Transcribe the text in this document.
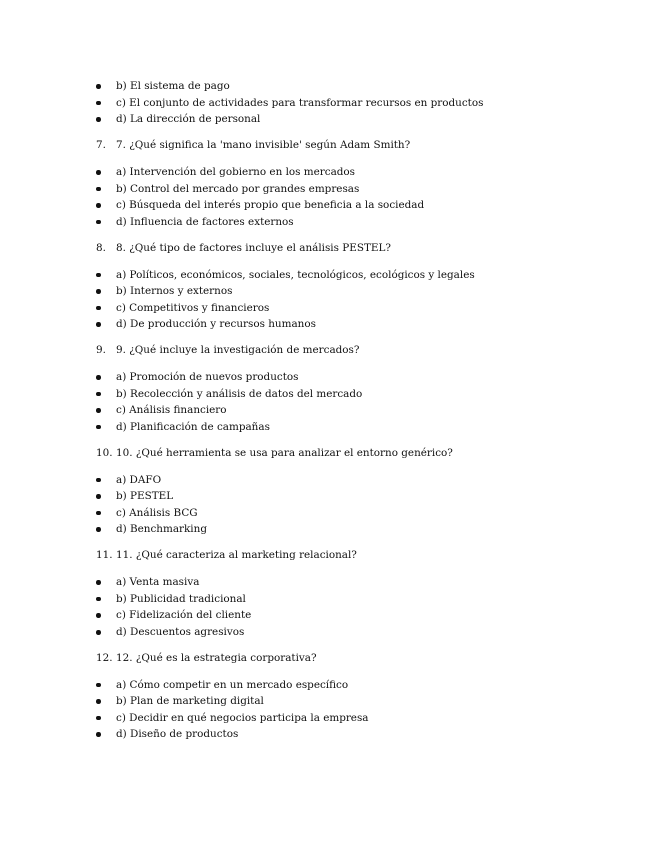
b) El sistema de pago
c) El conjunto de actividades para transformar recursos en productos
d) La dirección de personal
7. 7. ¿Qué significa la 'mano invisible' según Adam Smith?
a) Intervención del gobierno en los mercados
b) Control del mercado por grandes empresas
c) Búsqueda del interés propio que beneficia a la sociedad
d) Influencia de factores externos
8. 8. ¿Qué tipo de factores incluye el análisis PESTEL?
a) Políticos, económicos, sociales, tecnológicos, ecológicos y legales
b) Internos y externos
c) Competitivos y financieros
d) De producción y recursos humanos
9. 9. ¿Qué incluye la investigación de mercados?
a) Promoción de nuevos productos
b) Recolección y análisis de datos del mercado
c) Análisis financiero
d) Planificación de campañas
10. 10. ¿Qué herramienta se usa para analizar el entorno genérico?
a) DAFO
b) PESTEL
c) Análisis BCG
d) Benchmarking
11. 11. ¿Qué caracteriza al marketing relacional?
a) Venta masiva
b) Publicidad tradicional
c) Fidelización del cliente
d) Descuentos agresivos
12. 12. ¿Qué es la estrategia corporativa?
a) Cómo competir en un mercado específico
b) Plan de marketing digital
c) Decidir en qué negocios participa la empresa
d) Diseño de productos
